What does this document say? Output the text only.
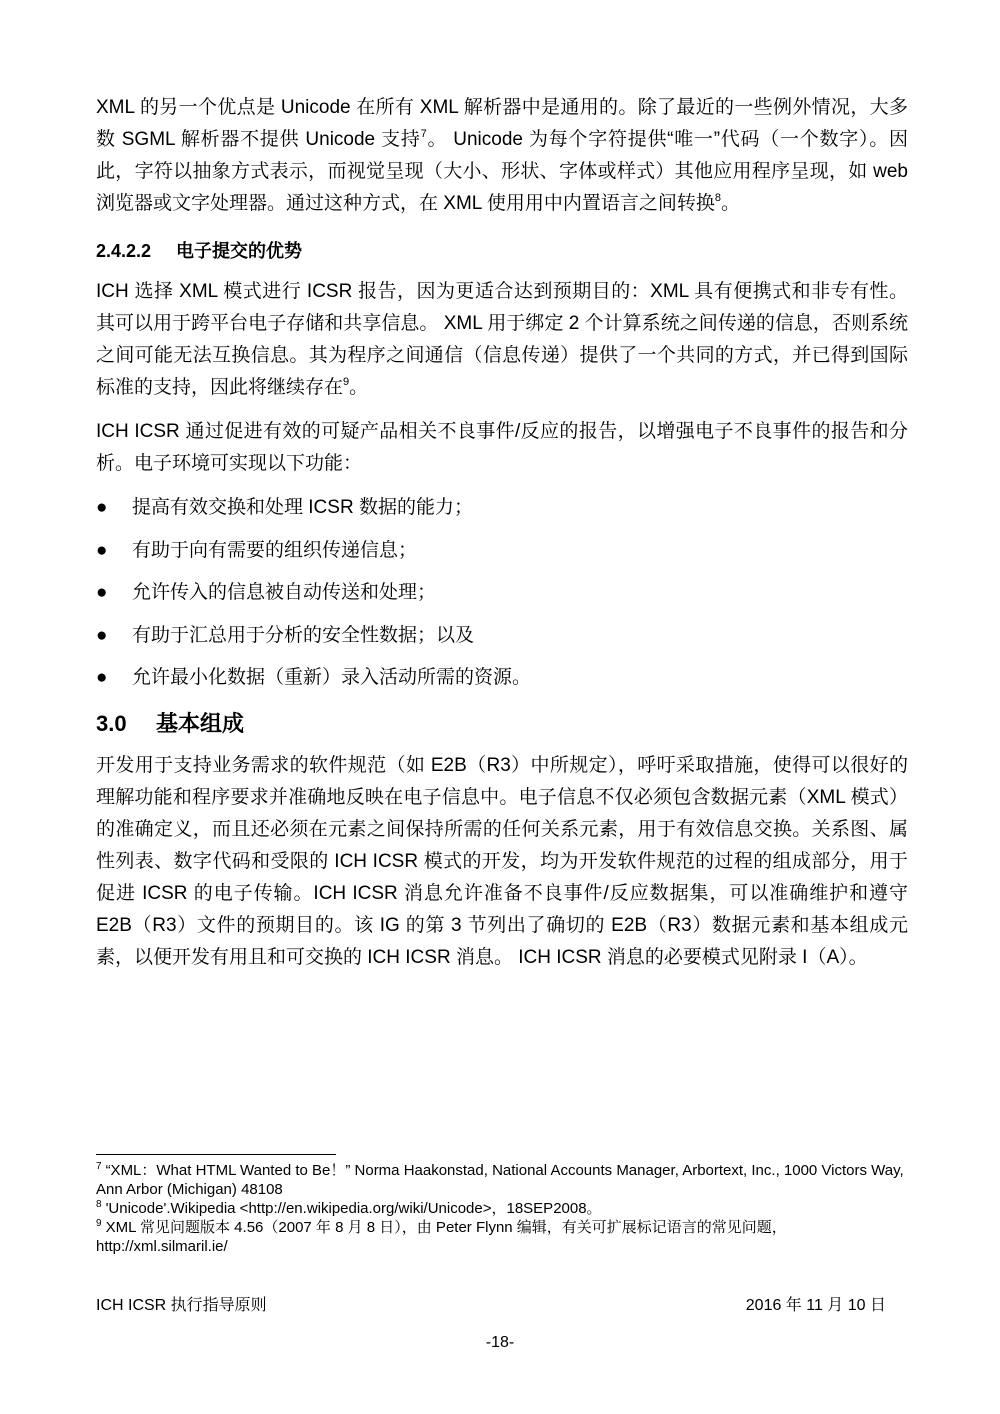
XML 的另一个优点是 Unicode 在所有 XML 解析器中是通用的。除了最近的一些例外情况，大多数 SGML 解析器不提供 Unicode 支持$^7$。 Unicode 为每个字符提供“唯一”代码（一个数字）。因此，字符以抽象方式表示，而视觉呈现（大小、形状、字体或样式）其他应用程序呈现，如 web 浏览器或文字处理器。通过这种方式，在 XML 使用用中内置语言之间转换$^8$。

2.4.2.2 电子提交的优势

ICH 选择 XML 模式进行 ICSR 报告，因为更适合达到预期目的：XML 具有便携式和非专有性。其可以用于跨平台电子存储和共享信息。 XML 用于绑定 2 个计算系统之间传递的信息，否则系统之间可能无法互换信息。其为程序之间通信（信息传递）提供了一个共同的方式，并已得到国际标准的支持，因此将继续存在$^9$。

ICH ICSR 通过促进有效的可疑产品相关不良事件/反应的报告，以增强电子不良事件的报告和分析。电子环境可实现以下功能：

● 提高有效交换和处理 ICSR 数据的能力；
● 有助于向有需要的组织传递信息；
● 允许传入的信息被自动传送和处理；
● 有助于汇总用于分析的安全性数据；以及
● 允许最小化数据（重新）录入活动所需的资源。
3.0 基本组成

开发用于支持业务需求的软件规范（如 E2B（R3）中所规定），呼吁采取措施，使得可以很好的理解功能和程序要求并准确地反映在电子信息中。电子信息不仅必须包含数据元素（XML 模式）的准确定义，而且还必须在元素之间保持所需的任何关系元素，用于有效信息交换。关系图、属性列表、数字代码和受限的 ICH ICSR 模式的开发，均为开发软件规范的过程的组成部分，用于促进 ICSR 的电子传输。ICH ICSR 消息允许准备不良事件/反应数据集，可以准确维护和遵守 E2B（R3）文件的预期目的。该 IG 的第 3 节列出了确切的 E2B（R3）数据元素和基本组成元素，以便开发有用且和可交换的 ICH ICSR 消息。 ICH ICSR 消息的必要模式见附录 I（A）。

$^7$ “XML：What HTML Wanted to Be！” Norma Haakonstad, National Accounts Manager, Arbortext, Inc., 1000 Victors Way, Ann Arbor (Michigan) 48108

$^8$ 'Unicode'.Wikipedia <http://en.wikipedia.org/wiki/Unicode>，18SEP2008。

$^9$ XML 常见问题版本 4.56（2007 年 8 月 8 日），由 Peter Flynn 编辑，有关可扩展标记语言的常见问题，http://xml.silmaril.ie/

ICH ICSR 执行指导原则	2016 年 11 月 10 日
-18-
